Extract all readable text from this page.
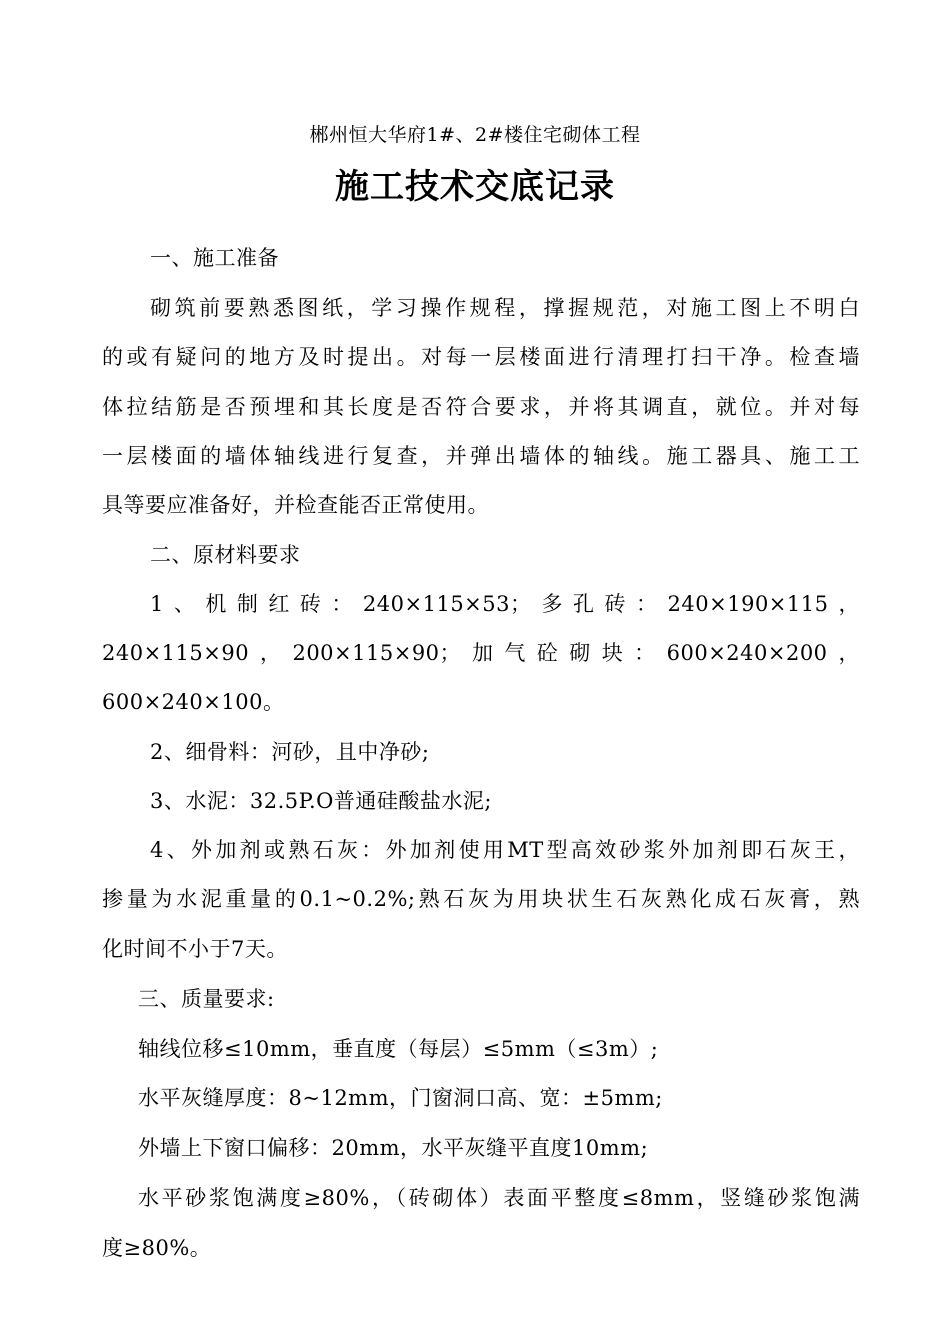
郴州恒大华府1#、2#楼住宅砌体工程
施工技术交底记录
一、施工准备
砌筑前要熟悉图纸，学习操作规程，撑握规范，对施工图上不明白
的或有疑问的地方及时提出。对每一层楼面进行清理打扫干净。检查墙
体拉结筋是否预埋和其长度是否符合要求，并将其调直，就位。并对每
一层楼面的墙体轴线进行复查，并弹出墙体的轴线。施工器具、施工工
具等要应准备好，并检查能否正常使用。
二、原材料要求
1、机制红砖：240×115×53；多孔砖：240×190×115，
240×115×90，200×115×90；加气砼砌块：600×240×200，
600×240×100。
2、细骨料：河砂，且中净砂;
3、水泥：32.5P.O普通硅酸盐水泥;
4、外加剂或熟石灰：外加剂使用MT型高效砂浆外加剂即石灰王，
掺量为水泥重量的0.1~0.2%;熟石灰为用块状生石灰熟化成石灰膏，熟
化时间不小于7天。
三、质量要求:
轴线位移≤10mm，垂直度（每层）≤5mm（≤3m）;
水平灰缝厚度：8~12mm，门窗洞口高、宽：±5mm;
外墙上下窗口偏移：20mm，水平灰缝平直度10mm;
水平砂浆饱满度≥80%，（砖砌体）表面平整度≤8mm，竖缝砂浆饱满
度≥80%。
